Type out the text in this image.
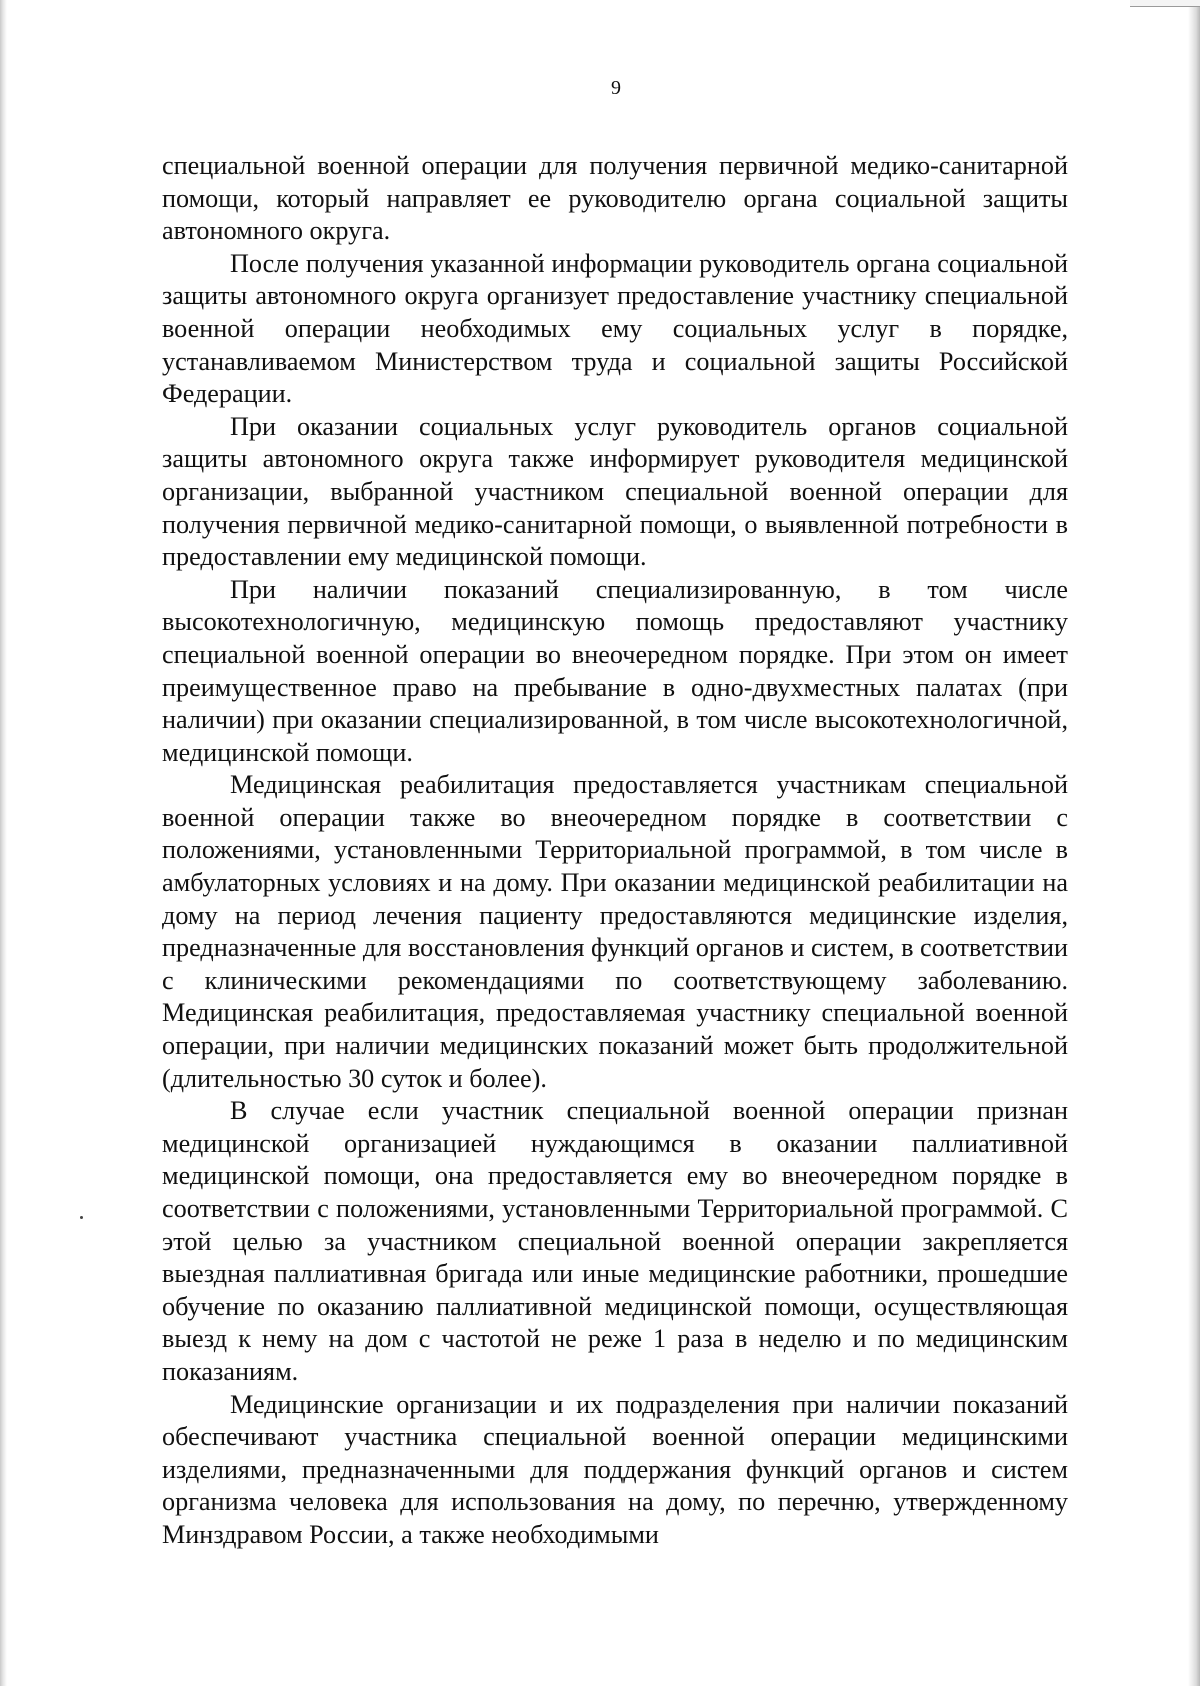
9

специальной военной операции для получения первичной медико-санитарной помощи, который направляет ее руководителю органа социальной защиты автономного округа.

После получения указанной информации руководитель органа социальной защиты автономного округа организует предоставление участнику специальной военной операции необходимых ему социальных услуг в порядке, устанавливаемом Министерством труда и социальной защиты Российской Федерации.

При оказании социальных услуг руководитель органов социальной защиты автономного округа также информирует руководителя медицинской организации, выбранной участником специальной военной операции для получения первичной медико-санитарной помощи, о выявленной потребности в предоставлении ему медицинской помощи.

При наличии показаний специализированную, в том числе высокотехнологичную, медицинскую помощь предоставляют участнику специальной военной операции во внеочередном порядке. При этом он имеет преимущественное право на пребывание в одно-двухместных палатах (при наличии) при оказании специализированной, в том числе высокотехнологичной, медицинской помощи.

Медицинская реабилитация предоставляется участникам специальной военной операции также во внеочередном порядке в соответствии с положениями, установленными Территориальной программой, в том числе в амбулаторных условиях и на дому. При оказании медицинской реабилитации на дому на период лечения пациенту предоставляются медицинские изделия, предназначенные для восстановления функций органов и систем, в соответствии с клиническими рекомендациями по соответствующему заболеванию. Медицинская реабилитация, предоставляемая участнику специальной военной операции, при наличии медицинских показаний может быть продолжительной (длительностью 30 суток и более).

В случае если участник специальной военной операции признан медицинской организацией нуждающимся в оказании паллиативной медицинской помощи, она предоставляется ему во внеочередном порядке в соответствии с положениями, установленными Территориальной программой. С этой целью за участником специальной военной операции закрепляется выездная паллиативная бригада или иные медицинские работники, прошедшие обучение по оказанию паллиативной медицинской помощи, осуществляющая выезд к нему на дом с частотой не реже 1 раза в неделю и по медицинским показаниям.

Медицинские организации и их подразделения при наличии показаний обеспечивают участника специальной военной операции медицинскими изделиями, предназначенными для поддержания функций органов и систем организма человека для использования на дому, по перечню, утвержденному Минздравом России, а также необходимыми
